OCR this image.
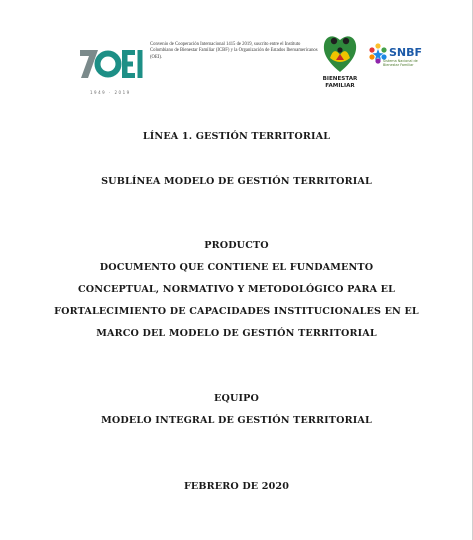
1949 · 2019
Convenio de Cooperación Internacional 1415 de 2019, suscrito entre el Instituto Colombiano de Bienestar Familiar (ICBF) y la Organización de Estados Iberoamericanos (OEI).
BIENESTAR
FAMILIAR
SNBF
Sistema Nacional de Bienestar Familiar
LÍNEA 1. GESTIÓN TERRITORIAL
SUBLÍNEA MODELO DE GESTIÓN TERRITORIAL
PRODUCTO
DOCUMENTO QUE CONTIENE EL FUNDAMENTO
CONCEPTUAL, NORMATIVO Y METODOLÓGICO PARA EL
FORTALECIMIENTO DE CAPACIDADES INSTITUCIONALES EN EL
MARCO DEL MODELO DE GESTIÓN TERRITORIAL
EQUIPO
MODELO INTEGRAL DE GESTIÓN TERRITORIAL
FEBRERO DE 2020
